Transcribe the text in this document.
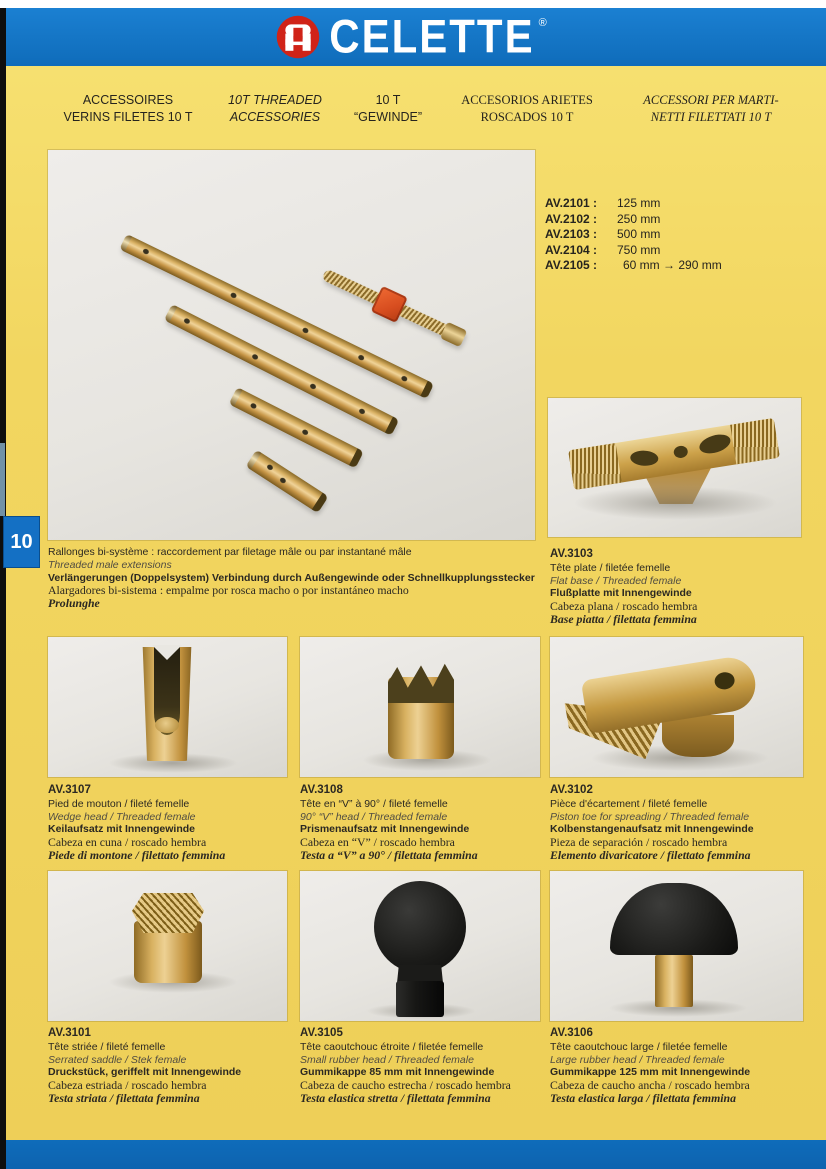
CELETTE ®
10
ACCESSOIRES
VERINS FILETES 10 T
10T THREADED
ACCESSORIES
10 T
“GEWINDE”
ACCESORIOS ARIETES
ROSCADOS 10 T
ACCESSORI PER MARTI-
NETTI FILETTATI 10 T
AV.2101 :	125 mm
AV.2102 :	250 mm
AV.2103 :	500 mm
AV.2104 :	750 mm
AV.2105 :	60 mm → 290 mm
Rallonges bi-système : raccordement par filetage mâle ou par instantané mâle
Threaded male extensions
Verlängerungen (Doppelsystem) Verbindung durch Außengewinde oder Schnellkupplungsstecker
Alargadores bi-sistema : empalme por rosca macho o por instantáneo macho
Prolunghe
AV.3103
Tête plate / filetée femelle
Flat base / Threaded female
Flußplatte mit Innengewinde
Cabeza plana / roscado hembra
Base piatta / filettata femmina
AV.3107
Pied de mouton / fileté femelle
Wedge head / Threaded female
Keilaufsatz mit Innengewinde
Cabeza en cuna / roscado hembra
Piede di montone / filettato femmina
AV.3108
Tête en “V” à 90° / fileté femelle
90° “V” head / Threaded female
Prismenaufsatz mit Innengewinde
Cabeza en “V” / roscado hembra
Testa a “V” a 90° / filettata femmina
AV.3102
Pièce d'écartement / fileté femelle
Piston toe for spreading / Threaded female
Kolbenstangenaufsatz mit Innengewinde
Pieza de separación / roscado hembra
Elemento divaricatore / filettato femmina
AV.3101
Tête striée / fileté femelle
Serrated saddle / Stek female
Druckstück, geriffelt mit Innengewinde
Cabeza estriada / roscado hembra
Testa striata / filettata femmina
AV.3105
Tête caoutchouc étroite / filetée femelle
Small rubber head / Threaded female
Gummikappe 85 mm mit Innengewinde
Cabeza de caucho estrecha / roscado hembra
Testa elastica stretta / filettata femmina
AV.3106
Tête caoutchouc large / filetée femelle
Large rubber head / Threaded female
Gummikappe 125 mm mit Innengewinde
Cabeza de caucho ancha / roscado hembra
Testa elastica larga / filettata femmina
